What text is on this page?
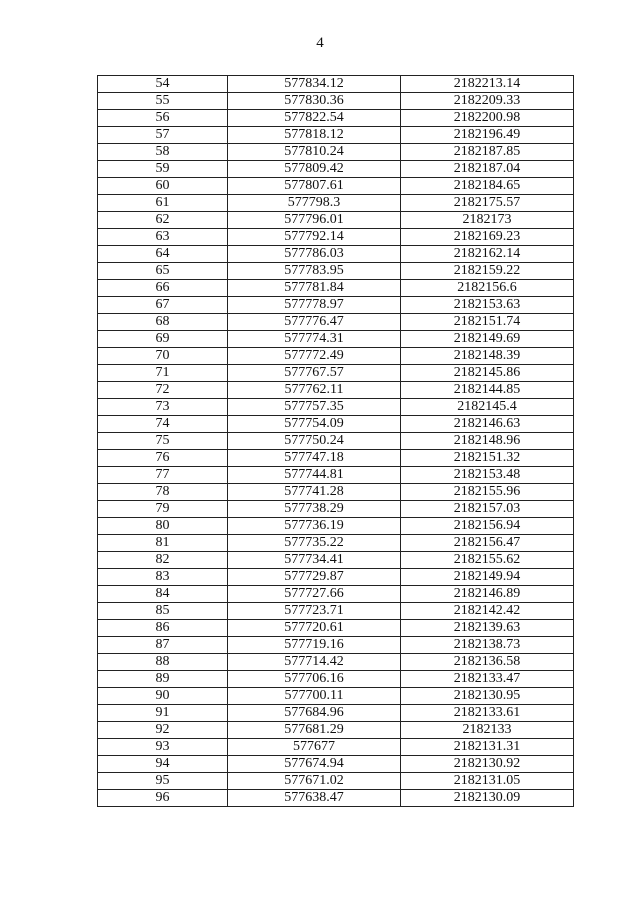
4
54	577834.12	2182213.14
55	577830.36	2182209.33
56	577822.54	2182200.98
57	577818.12	2182196.49
58	577810.24	2182187.85
59	577809.42	2182187.04
60	577807.61	2182184.65
61	577798.3	2182175.57
62	577796.01	2182173
63	577792.14	2182169.23
64	577786.03	2182162.14
65	577783.95	2182159.22
66	577781.84	2182156.6
67	577778.97	2182153.63
68	577776.47	2182151.74
69	577774.31	2182149.69
70	577772.49	2182148.39
71	577767.57	2182145.86
72	577762.11	2182144.85
73	577757.35	2182145.4
74	577754.09	2182146.63
75	577750.24	2182148.96
76	577747.18	2182151.32
77	577744.81	2182153.48
78	577741.28	2182155.96
79	577738.29	2182157.03
80	577736.19	2182156.94
81	577735.22	2182156.47
82	577734.41	2182155.62
83	577729.87	2182149.94
84	577727.66	2182146.89
85	577723.71	2182142.42
86	577720.61	2182139.63
87	577719.16	2182138.73
88	577714.42	2182136.58
89	577706.16	2182133.47
90	577700.11	2182130.95
91	577684.96	2182133.61
92	577681.29	2182133
93	577677	2182131.31
94	577674.94	2182130.92
95	577671.02	2182131.05
96	577638.47	2182130.09
